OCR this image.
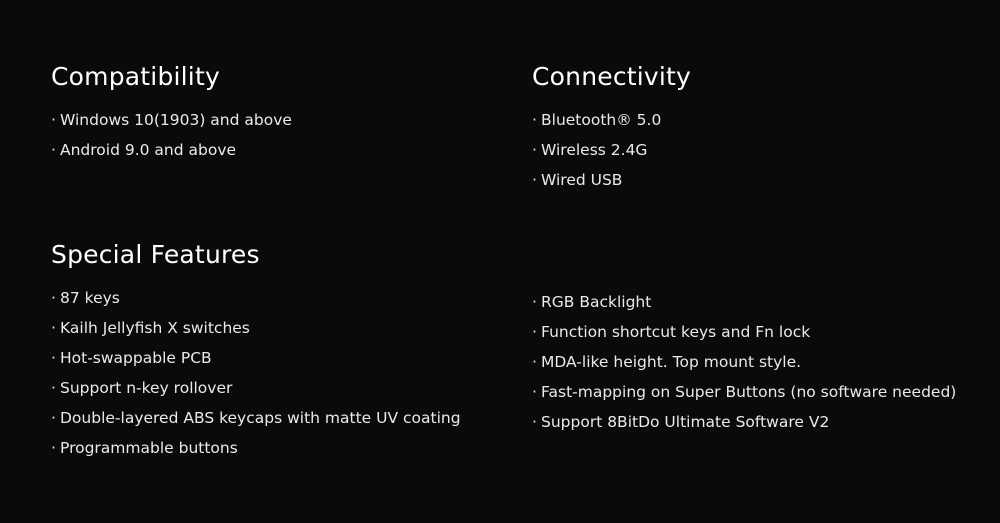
Compatibility
· Windows 10(1903) and above
· Android 9.0 and above
Connectivity
· Bluetooth® 5.0
· Wireless 2.4G
· Wired USB
Special Features
· 87 keys
· Kailh Jellyfish X switches
· Hot-swappable PCB
· Support n-key rollover
· Double-layered ABS keycaps with matte UV coating
· Programmable buttons
· RGB Backlight
· Function shortcut keys and Fn lock
· MDA-like height. Top mount style.
· Fast-mapping on Super Buttons (no software needed)
· Support 8BitDo Ultimate Software V2
